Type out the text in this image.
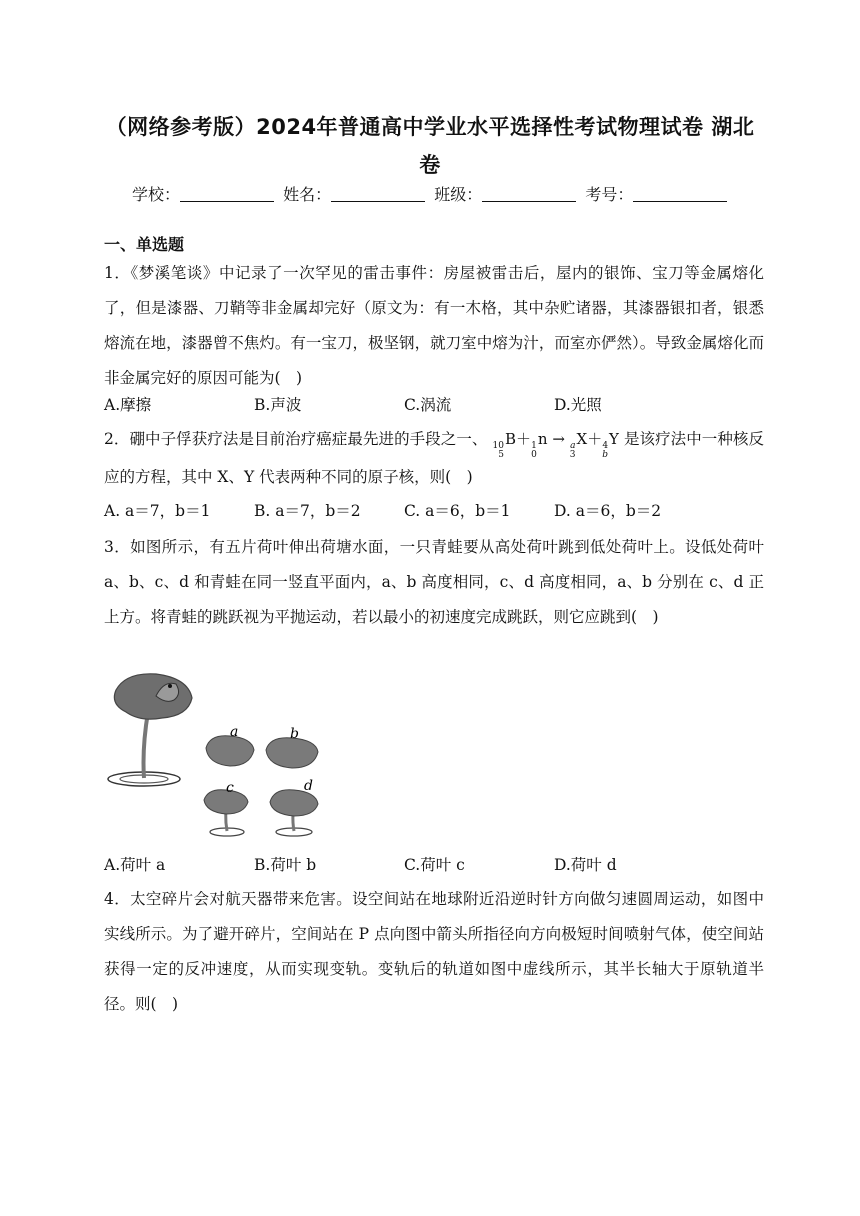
（网络参考版）2024年普通高中学业水平选择性考试物理试卷 湖北卷
学校：	姓名：	班级：	考号：
一、单选题
1．《梦溪笔谈》中记录了一次罕见的雷击事件：房屋被雷击后，屋内的银饰、宝刀等金属熔化了，但是漆器、刀鞘等非金属却完好（原文为：有一木格，其中杂贮诸器，其漆器银扣者，银悉熔流在地，漆器曾不焦灼。有一宝刀，极坚钢，就刀室中熔为汁，而室亦俨然）。导致金属熔化而非金属完好的原因可能为(　)
A.摩擦	B.声波	C.涡流	D.光照
2．硼中子俘获疗法是目前治疗癌症最先进的手段之一、 10
5
B＋ 1
0
n → a
3
X＋ 4
b
Y 是该疗法中一种核反应的方程，其中 X、Y 代表两种不同的原子核，则(　)
A. a＝7，b＝1	B. a＝7，b＝2	C. a＝6，b＝1	D. a＝6，b＝2
3．如图所示，有五片荷叶伸出荷塘水面，一只青蛙要从高处荷叶跳到低处荷叶上。设低处荷叶 a、b、c、d 和青蛙在同一竖直平面内，a、b 高度相同，c、d 高度相同，a、b 分别在 c、d 正上方。将青蛙的跳跃视为平抛运动，若以最小的初速度完成跳跃，则它应跳到(　)
a	b
c	d
A.荷叶 a	B.荷叶 b	C.荷叶 c	D.荷叶 d
4．太空碎片会对航天器带来危害。设空间站在地球附近沿逆时针方向做匀速圆周运动，如图中实线所示。为了避开碎片，空间站在 P 点向图中箭头所指径向方向极短时间喷射气体，使空间站获得一定的反冲速度，从而实现变轨。变轨后的轨道如图中虚线所示，其半长轴大于原轨道半径。则(　)
